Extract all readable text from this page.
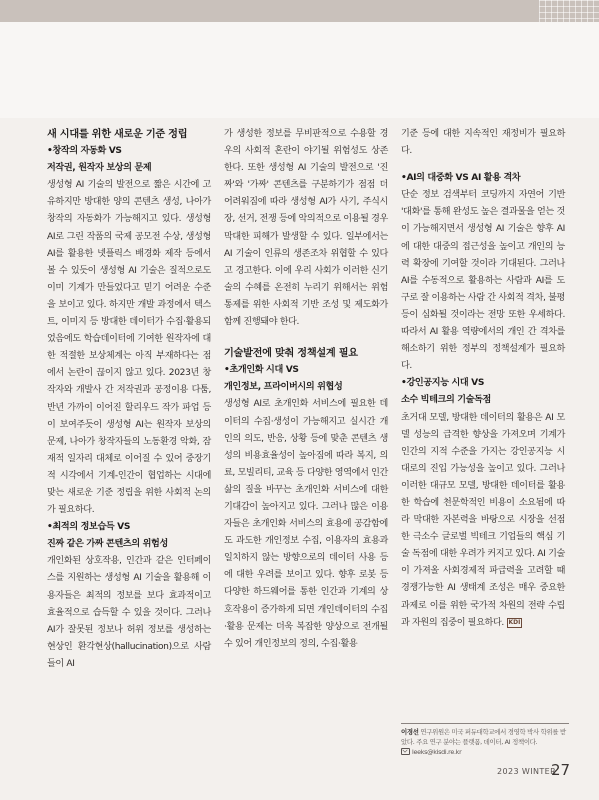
새 시대를 위한 새로운 기준 정립

•창작의 자동화 VS

저작권, 원작자 보상의 문제

생성형 AI 기술의 발전으로 짧은 시간에 고유하지만 방대한 양의 콘텐츠 생성, 나아가 창작의 자동화가 가능해지고 있다. 생성형 AI로 그린 작품의 국제 공모전 수상, 생성형 AI를 활용한 넷플릭스 배경화 제작 등에서 볼 수 있듯이 생성형 AI 기술은 질적으로도 이미 기계가 만들었다고 믿기 어려운 수준을 보이고 있다. 하지만 개발 과정에서 텍스트, 이미지 등 방대한 데이터가 수집·활용되었음에도 학습데이터에 기여한 원작자에 대한 적절한 보상체계는 아직 부재하다는 점에서 논란이 끊이지 않고 있다. 2023년 창작자와 개발사 간 저작권과 공정이용 다툼, 반년 가까이 이어진 할리우드 작가 파업 등이 보여주듯이 생성형 AI는 원작자 보상의 문제, 나아가 창작자들의 노동환경 악화, 잠재적 일자리 대체로 이어질 수 있어 중장기적 시각에서 기계-인간이 협업하는 시대에 맞는 새로운 기준 정립을 위한 사회적 논의가 필요하다.

•최적의 정보습득 VS

진짜 같은 가짜 콘텐츠의 위험성

개인화된 상호작용, 인간과 같은 인터페이스를 지원하는 생성형 AI 기술을 활용해 이용자들은 최적의 정보를 보다 효과적이고 효율적으로 습득할 수 있을 것이다. 그러나 AI가 잘못된 정보나 허위 정보를 생성하는 현상인 환각현상(hallucination)으로 사람들이 AI

가 생성한 정보를 무비판적으로 수용할 경우의 사회적 혼란이 야기될 위험성도 상존한다. 또한 생성형 AI 기술의 발전으로 '진짜'와 '가짜' 콘텐츠를 구분하기가 점점 더 어려워짐에 따라 생성형 AI가 사기, 주식시장, 선거, 전쟁 등에 악의적으로 이용될 경우 막대한 피해가 발생할 수 있다. 일부에서는 AI 기술이 인류의 생존조차 위협할 수 있다고 경고한다. 이에 우리 사회가 이러한 신기술의 수혜를 온전히 누리기 위해서는 위험 통제를 위한 사회적 기반 조성 및 제도화가 함께 진행돼야 한다.

기술발전에 맞춰 정책설계 필요

•초개인화 시대 VS

개인정보, 프라이버시의 위협성

생성형 AI로 초개인화 서비스에 필요한 데이터의 수집·생성이 가능해지고 실시간 개인의 의도, 반응, 상황 등에 맞춘 콘텐츠 생성의 비용효율성이 높아짐에 따라 복지, 의료, 모빌리티, 교육 등 다양한 영역에서 인간 삶의 질을 바꾸는 초개인화 서비스에 대한 기대감이 높아지고 있다. 그러나 많은 이용자들은 초개인화 서비스의 효용에 공감함에도 과도한 개인정보 수집, 이용자의 효용과 일치하지 않는 방향으로의 데이터 사용 등에 대한 우려를 보이고 있다. 향후 로봇 등 다양한 하드웨어를 통한 인간과 기계의 상호작용이 증가하게 되면 개인데이터의 수집·활용 문제는 더욱 복잡한 양상으로 전개될 수 있어 개인정보의 정의, 수집·활용

기준 등에 대한 지속적인 재정비가 필요하다.

•AI의 대중화 VS AI 활용 격차

단순 정보 검색부터 코딩까지 자연어 기반 '대화'를 통해 완성도 높은 결과물을 얻는 것이 가능해지면서 생성형 AI 기술은 향후 AI에 대한 대중의 접근성을 높이고 개인의 능력 확장에 기여할 것이라 기대된다. 그러나 AI를 수동적으로 활용하는 사람과 AI를 도구로 잘 이용하는 사람 간 사회적 격차, 불평등이 심화될 것이라는 전망 또한 우세하다. 따라서 AI 활용 역량에서의 개인 간 격차를 해소하기 위한 정부의 정책설계가 필요하다.

•강인공지능 시대 VS

소수 빅테크의 기술독점

초거대 모델, 방대한 데이터의 활용은 AI 모델 성능의 급격한 향상을 가져오며 기계가 인간의 지적 수준을 가지는 강인공지능 시대로의 진입 가능성을 높이고 있다. 그러나 이러한 대규모 모델, 방대한 데이터를 활용한 학습에 천문학적인 비용이 소요됨에 따라 막대한 자본력을 바탕으로 시장을 선점한 극소수 글로벌 빅테크 기업들의 핵심 기술 독점에 대한 우려가 커지고 있다. AI 기술이 가져올 사회경제적 파급력을 고려할 때 경쟁가능한 AI 생태계 조성은 매우 중요한 과제로 이를 위한 국가적 차원의 전략 수립과 자원의 집중이 필요하다. KDI

이경선 연구위원은 미국 퍼듀대학교에서 경영학 박사 학위를 받았다. 주요 연구 분야는 플랫폼, 데이터, AI 정책이다.
leeks@kisdi.re.kr
2023 WINTER
27
